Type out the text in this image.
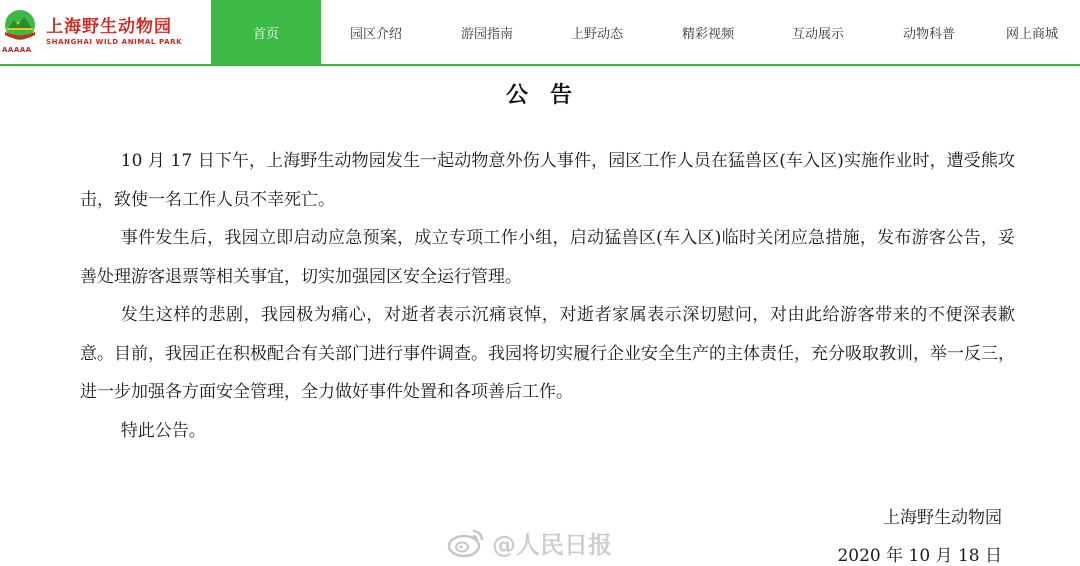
AAAAA
上海野生动物园
SHANGHAI WILD ANIMAL PARK
首页	园区介绍	游园指南	上野动态	精彩视频	互动展示	动物科普	网上商城
公告

10 月 17 日下午，上海野生动物园发生一起动物意外伤人事件，园区工作人员在猛兽区(车入区)实施作业时，遭受熊攻击，致使一名工作人员不幸死亡。

事件发生后，我园立即启动应急预案，成立专项工作小组，启动猛兽区(车入区)临时关闭应急措施，发布游客公告，妥善处理游客退票等相关事宜，切实加强园区安全运行管理。

发生这样的悲剧，我园极为痛心，对逝者表示沉痛哀悼，对逝者家属表示深切慰问，对由此给游客带来的不便深表歉意。目前，我园正在积极配合有关部门进行事件调查。我园将切实履行企业安全生产的主体责任，充分吸取教训，举一反三，进一步加强各方面安全管理，全力做好事件处置和各项善后工作。

特此公告。

上海野生动物园
2020 年 10 月 18 日
@人民日报
